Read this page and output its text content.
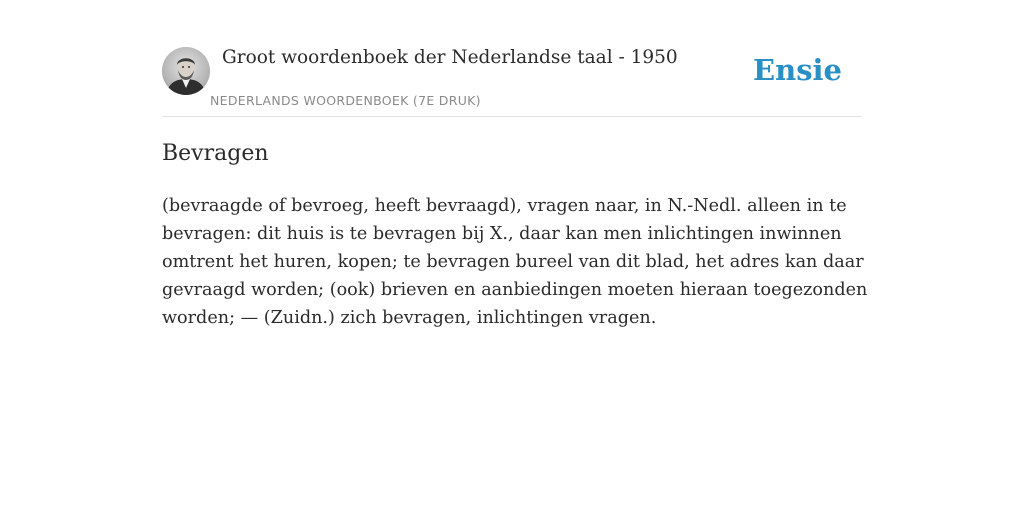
Groot woordenboek der Nederlandse taal - 1950
NEDERLANDS WOORDENBOEK (7E DRUK)
Ensie
Bevragen

(bevraagde of bevroeg, heeft bevraagd), vragen naar, in N.-Nedl. alleen in te
bevragen: dit huis is te bevragen bij X., daar kan men inlichtingen inwinnen
omtrent het huren, kopen; te bevragen bureel van dit blad, het adres kan daar
gevraagd worden; (ook) brieven en aanbiedingen moeten hieraan toegezonden
worden; — (Zuidn.) zich bevragen, inlichtingen vragen.
